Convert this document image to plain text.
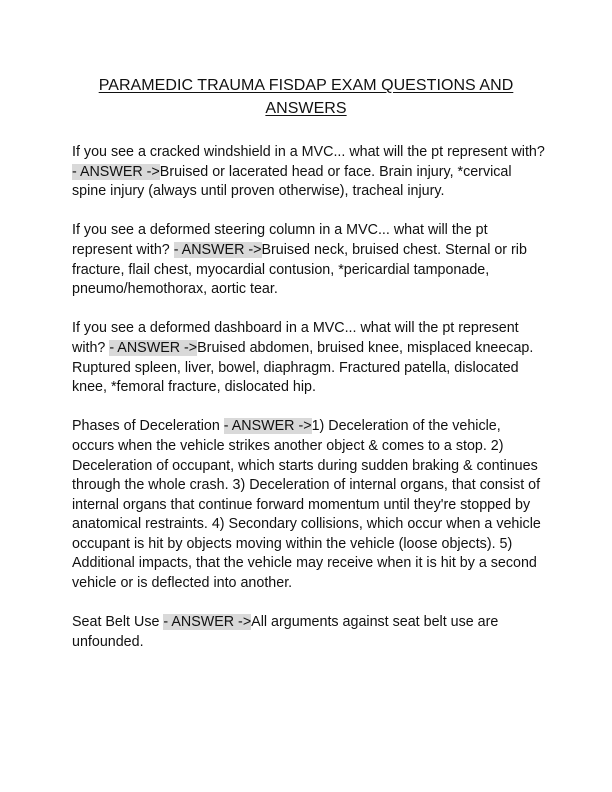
PARAMEDIC TRAUMA FISDAP EXAM QUESTIONS AND ANSWERS

If you see a cracked windshield in a MVC... what will the pt represent with? - ANSWER ->Bruised or lacerated head or face. Brain injury, *cervical spine injury (always until proven otherwise), tracheal injury.

If you see a deformed steering column in a MVC... what will the pt represent with? - ANSWER ->Bruised neck, bruised chest. Sternal or rib fracture, flail chest, myocardial contusion, *pericardial tamponade, pneumo/hemothorax, aortic tear.

If you see a deformed dashboard in a MVC... what will the pt represent with? - ANSWER ->Bruised abdomen, bruised knee, misplaced kneecap. Ruptured spleen, liver, bowel, diaphragm. Fractured patella, dislocated knee, *femoral fracture, dislocated hip.

Phases of Deceleration - ANSWER ->1) Deceleration of the vehicle, occurs when the vehicle strikes another object & comes to a stop. 2) Deceleration of occupant, which starts during sudden braking & continues through the whole crash. 3) Deceleration of internal organs, that consist of internal organs that continue forward momentum until they're stopped by anatomical restraints. 4) Secondary collisions, which occur when a vehicle occupant is hit by objects moving within the vehicle (loose objects). 5) Additional impacts, that the vehicle may receive when it is hit by a second vehicle or is deflected into another.

Seat Belt Use - ANSWER ->All arguments against seat belt use are unfounded.
